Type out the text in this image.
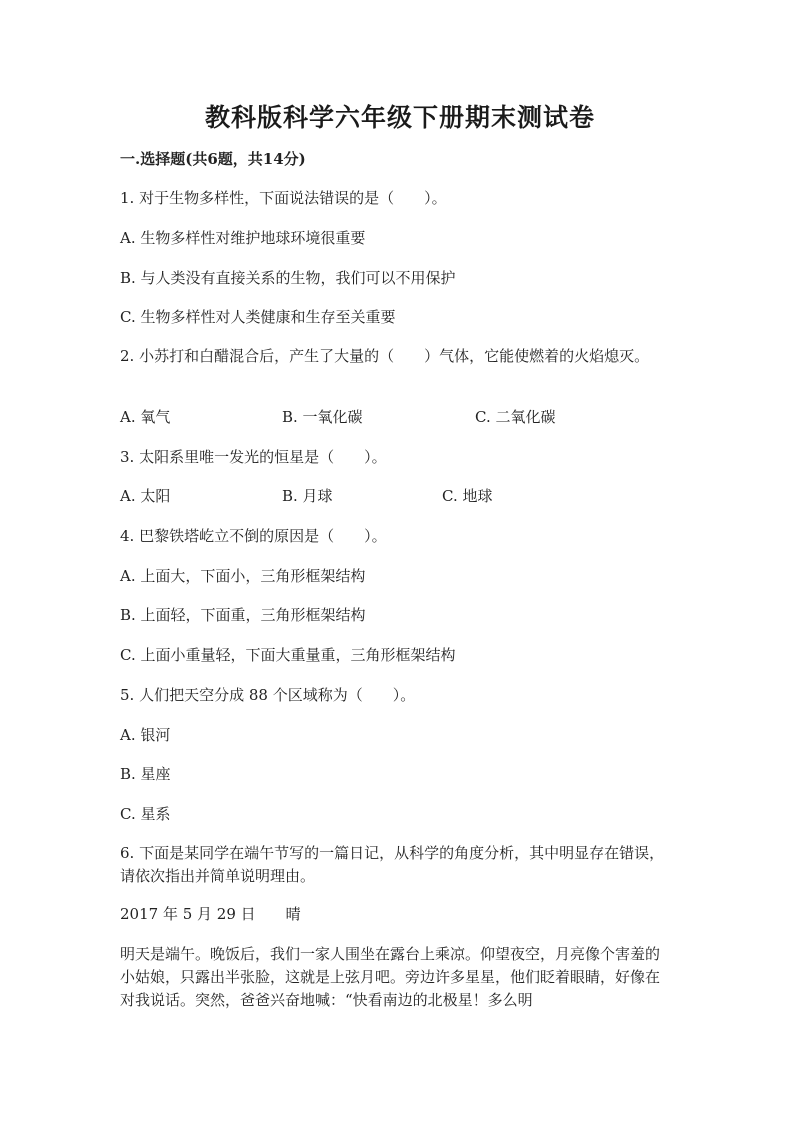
教科版科学六年级下册期末测试卷
一.选择题(共6题，共14分)
1. 对于生物多样性，下面说法错误的是（　　）。
A. 生物多样性对维护地球环境很重要
B. 与人类没有直接关系的生物，我们可以不用保护
C. 生物多样性对人类健康和生存至关重要
2. 小苏打和白醋混合后，产生了大量的（　　）气体，它能使燃着的火焰熄灭。
A. 氧气	B. 一氧化碳	C. 二氧化碳
3. 太阳系里唯一发光的恒星是（　　）。
A. 太阳	B. 月球	C. 地球
4. 巴黎铁塔屹立不倒的原因是（　　）。
A. 上面大，下面小，三角形框架结构
B. 上面轻，下面重，三角形框架结构
C. 上面小重量轻，下面大重量重，三角形框架结构
5. 人们把天空分成 88 个区域称为（　　）。
A. 银河
B. 星座
C. 星系
6. 下面是某同学在端午节写的一篇日记，从科学的角度分析，其中明显存在错误，请依次指出并简单说明理由。
2017 年 5 月 29 日　　晴
明天是端午。晚饭后，我们一家人围坐在露台上乘凉。仰望夜空，月亮像个害羞的小姑娘，只露出半张脸，这就是上弦月吧。旁边许多星星，他们眨着眼睛，好像在对我说话。突然，爸爸兴奋地喊：“快看南边的北极星！多么明
